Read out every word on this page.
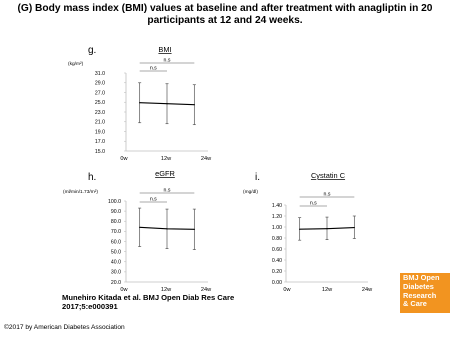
(G) Body mass index (BMI) values at baseline and after treatment with anagliptin in 20
participants at 12 and 24 weeks.
g.	BMI
(kg/m²)
15.0
17.0
19.0
21.0
23.0
25.0
27.0
29.0
31.0
0w	12w	24w
n.s
n.s
h.	eGFR
(ml/min/1.73/m²)
20.0
30.0
40.0
50.0
60.0
70.0
80.0
90.0
100.0
0w	12w	24w
n.s
n.s
i.	Cystatin C
(mg/dl)
0.00
0.20
0.40
0.60
0.80
1.00
1.20
1.40
0w	12w	24w
n.s
n.s
Munehiro Kitada et al. BMJ Open Diab Res Care
2017;5:e000391
BMJ Open
Diabetes
Research
& Care
©2017 by American Diabetes Association
